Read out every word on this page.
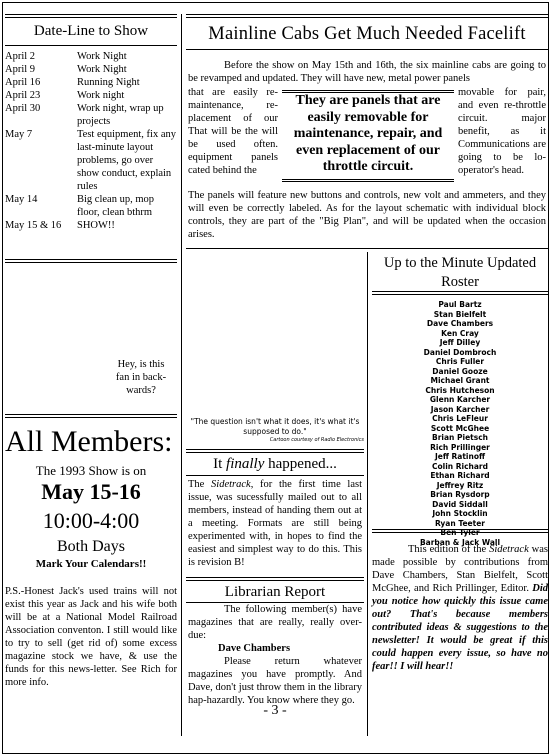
Date-Line to Show
April 2	Work Night
April 9	Work Night
April 16	Running Night
April 23	Work night
April 30	Work night, wrap up projects
May 7	Test equipment, fix any last-minute layout problems, go over show conduct, explain rules
May 14	Big clean up, mop floor, clean bthrm
May 15 & 16	SHOW!!
Mainline Cabs Get Much Needed Facelift
Before the show on May 15th and 16th, the six mainline cabs are going to be revamped and updated. They will have new, metal power panels
that are easily re-maintenance, re-placement of our That will be the will be used often. equipment panels cated behind the
They are panels that are easily removable for maintenance, repair, and even replacement of our throttle circuit.
movable for pair, and even re-throttle circuit. major benefit, as it Communications are going to be lo-operator's head.
The panels will feature new buttons and controls, new volt and ammeters, and they will even be correctly labeled. As for the layout schematic with individual block controls, they are part of the "Big Plan", and will be updated when the occasion arises.
Hey, is this fan in back-wards?
"The question isn't what it does, it's what it's supposed to do."
Cartoon courtesy of Radio Electronics
Up to the Minute Updated Roster
Paul Bartz
Stan Bielfelt
Dave Chambers
Ken Cray
Jeff Dilley
Daniel Dombroch
Chris Fuller
Daniel Gooze
Michael Grant
Chris Hutcheson
Glenn Karcher
Jason Karcher
Chris LeFleur
Scott McGhee
Brian Pietsch
Rich Prillinger
Jeff Ratinoff
Colin Richard
Ethan Richard
Jeffrey Ritz
Brian Rysdorp
David Siddall
John Stocklin
Ryan Teeter
Ben Tyler
Barban & Jack Wall
All Members:
The 1993 Show is on
May 15-16
10:00-4:00
Both Days
Mark Your Calendars!!
P.S.-Honest Jack's used trains will not exist this year as Jack and his wife both will be at a National Model Railroad Association conventon. I still would like to try to sell (get rid of) some excess magazine stock we have, & use the funds for this news-letter. See Rich for more info.
It finally happened...
The Sidetrack, for the first time last issue, was sucessfully mailed out to all members, instead of handing them out at a meeting. Formats are still being experimented with, in hopes to find the easiest and simplest way to do this. This is revision B!
Librarian Report
The following member(s) have magazines that are really, really over-due:
Dave Chambers
Please return whatever magazines you have promptly. And Dave, don't just throw them in the library hap-hazardly. You know where they go.
This edition of the Sidetrack was made possible by contributions from Dave Chambers, Stan Bielfelt, Scott McGhee, and Rich Prillinger, Editor. Did you notice how quickly this issue came out? That's because members contributed ideas & suggestions to the newsletter! It would be great if this could happen every issue, so have no fear!! I will hear!!
- 3 -
